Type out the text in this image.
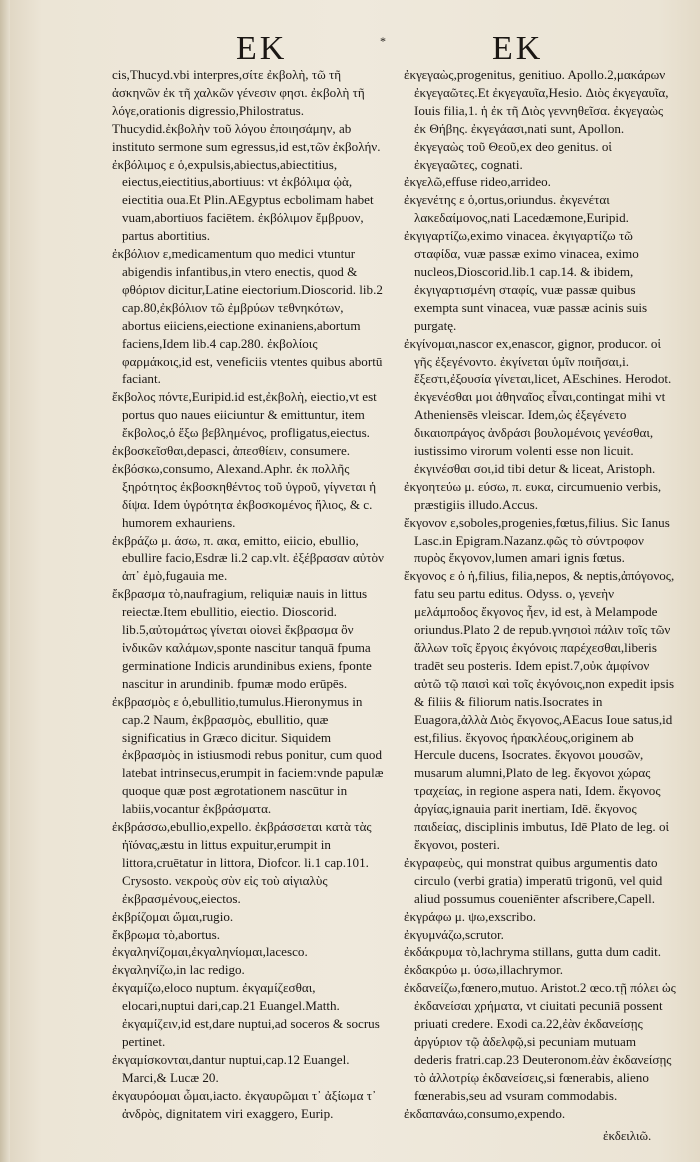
EK	*	EK

cis,Thucyd.vbi interpres,σίτε ἐκβολὴ, τῶ τῆ ἀσκηνῶν ἐκ τῆ χαλκῶν γένεσιν φησι. ἐκβολὴ τῆ λόγε,orationis digressio,Philostratus. Thucydid.ἐκβολὴν τοῦ λόγου ἐποιησάμην, ab instituto sermone sum egressus,id est,τῶν ἐκβολήν.

ἐκβόλιμος ε ὁ,expulsis,abiectus,abiectitius, eiectus,eiectitius,abortiuus: vt ἐκβόλιμα ᾠὰ, eiectitia oua.Et Plin.AEgyptus ecbolimam habet vuam,abortiuos faciētem. ἐκβόλιμον ἔμβρυον, partus abortitius.

ἐκβόλιον ε,medicamentum quo medici vtuntur abigendis infantibus,in vtero enectis, quod & φθόριον dicitur,Latine eiectorium.Dioscorid. lib.2 cap.80,ἐκβόλιον τῶ ἐμβρύων τεθνηκότων, abortus eiiciens,eiectione exinaniens,abortum faciens,Idem lib.4 cap.280. ἐκβολίοις φαρμάκοις,id est, veneficiis vtentes quibus abortū faciant.

ἔκβολος πόντε,Euripid.id est,ἐκβολὴ, eiectio,vt est portus quo naues eiiciuntur & emittuntur, item ἔκβολος,ὁ ἔξω βεβλημένος, profligatus,eiectus.

ἐκβοσκεῖσθαι,depasci, ἀπεσθίειν, consumere.

ἐκβόσκω,consumo, Alexand.Aphr. ἐκ πολλῆς ξηρότητος ἐκβοσκηθέντος τοῦ ὑγροῦ, γίγνεται ἡ δίψα. Idem ὑγρότητα ἐκβοσκομένος ἥλιος, & c. humorem exhauriens.

ἐκβράζω μ. άσω, π. ακα, emitto, eiicio, ebullio, ebullire facio,Esdræ li.2 cap.vlt. ἐξέβρασαν αὐτὸν ἀπ᾽ ἐμὸ,fugauia me.

ἔκβρασμα τὸ,naufragium, reliquiæ nauis in littus reiectæ.Item ebullitio, eiectio. Dioscorid. lib.5,αὐτομάτως γίνεται οἱονεὶ ἔκβρασμα ὂν ἰνδικῶν καλάμων,sponte nascitur tanquā fpuma germinatione Indicis arundinibus exiens, fponte nascitur in arundinib. fpumæ modo erūpēs.

ἐκβρασμὸς ε ὁ,ebullitio,tumulus.Hieronymus in cap.2 Naum, ἐκβρασμὸς, ebullitio, quæ significatius in Græco dicitur. Siquidem ἐκβρασμὸς in istiusmodi rebus ponitur, cum quod latebat intrinsecus,erumpit in faciem:vnde papulæ quoque quæ post ægrotationem nascūtur in labiis,vocantur ἐκβράσματα.

ἐκβράσσω,ebullio,expello. ἐκβράσσεται κατὰ τὰς ἠϊόνας,æstu in littus expuitur,erumpit in littora,cruētatur in littora, Diofcor. li.1 cap.101. Crysosto. νεκροὺς σὺν εἰς τοὺ αἰγιαλὺς ἐκβρασμένους,eiectos.

ἐκβρίζομαι ὤμαι,rugio.

ἔκβρωμα τὸ,abortus.

ἐκγαληνίζομαι,ἐκγαληνίομαι,lacesco.

ἐκγαληνίζω,in lac redigo.

ἐκγαμίζω,eloco nuptum. ἐκγαμίζεσθαι, elocari,nuptui dari,cap.21 Euangel.Matth. ἐκγαμίζειν,id est,dare nuptui,ad soceros & socrus pertinet.

ἐκγαμίσκονται,dantur nuptui,cap.12 Euangel. Marci,& Lucæ 20.

ἐκγαυρόομαι ὦμαι,iacto. ἐκγαυρῶμαι τ᾽ ἀξίωμα τ᾽ ἀνδρὸς, dignitatem viri exaggero, Eurip.

ἐκγεγαὼς,progenitus, genitiuo. Apollo.2,μακάρων ἐκγεγαῶτες.Et ἐκγεγαυῖα,Hesio. Διὸς ἐκγεγαυῖα, Iouis filia,1. ἡ ἐκ τῆ Διὸς γεννηθεῖσα. ἐκγεγαὼς ἐκ Θήβης. ἐκγεγάασι,nati sunt, Apollon. ἐκγεγαὼς τοῦ Θεοῦ,ex deo genitus. οἱ ἐκγεγαῶτες, cognati.

ἐκγελῶ,effuse rideo,arrideo.

ἐκγενέτης ε ὁ,ortus,oriundus. ἐκγενέται λακεδαίμονος,nati Lacedæmone,Euripid.

ἐκγιγαρτίζω,eximo vinacea. ἐκγιγαρτίζω τῶ σταφίδα, vuæ passæ eximo vinacea, eximo nucleos,Dioscorid.lib.1 cap.14. & ibidem, ἐκγιγαρτισμένη σταφίς, vuæ passæ quibus exempta sunt vinacea, vuæ passæ acinis suis purgatę.

ἐκγίνομαι,nascor ex,enascor, gignor, producor. οἱ γῆς ἐξεγένοντο. ἐκγίνεται ὑμῖν ποιῆσαι,i. ἔξεστι,ἐξουσία γίνεται,licet, AEschines. Herodot. ἐκγενέσθαι μοι ἀθηναῖος εἶναι,contingat mihi vt Atheniensēs vleiscar. Idem,ὡς ἐξεγένετο δικαιοπράγος ἀνδράσι βουλομένοις γενέσθαι, iustissimo virorum volenti esse non licuit. ἐκγινέσθαι σοι,id tibi detur & liceat, Aristoph.

ἐκγοητεύω μ. εύσω, π. ευκα, circumuenio verbis, præstigiis illudo.Accus.

ἔκγονον ε,soboles,progenies,fœtus,filius. Sic Ianus Lasc.in Epigram.Nazanz.φῶς τὸ σύντροφον πυρὸς ἔκγονον,lumen amari ignis fœtus.

ἔκγονος ε ὁ ἡ,filius, filia,nepos, & neptis,ἀπόγονος, fatu seu partu editus. Odyss. ο, γενεὴν μελάμποδος ἔκγονος ἦεν, id est, à Melampode oriundus.Plato 2 de repub.γνησιοὶ πάλιν τοῖς τῶν ἄλλων τοῖς ἔργοις ἐκγόνοις παρέχεσθαι,liberis tradēt seu posteris. Idem epist.7,οὐκ ἀμφίνον αὐτῶ τῷ παισὶ καὶ τοῖς ἐκγόνοις,non expedit ipsis & filiis & filiorum natis.Isocrates in Euagora,ἀλλὰ Διὸς ἔκγονος,AEacus Ioue satus,id est,filius. ἔκγονος ἡρακλέους,originem ab Hercule ducens, Isocrates. ἔκγονοι μουσῶν, musarum alumni,Plato de leg. ἔκγονοι χώρας τραχείας, in regione aspera nati, Idem. ἔκγονος ἀργίας,ignauia parit inertiam, Idē. ἔκγονος παιδείας, disciplinis imbutus, Idē Plato de leg. οἱ ἔκγονοι, posteri.

ἐκγραφεὺς, qui monstrat quibus argumentis dato circulo (verbi gratia) imperatū trigonū, vel quid aliud possumus coueniēnter afscribere,Capell.

ἐκγράφω μ. ψω,exscribo.

ἐκγυμνάζω,scrutor.

ἐκδάκρυμα τὸ,lachryma stillans, gutta dum cadit.

ἐκδακρύω μ. ύσω,illachrymor.

ἐκδανείζω,fœnero,mutuo. Aristot.2 œco.τῇ πόλει ὡς ἐκδανείσαι χρήματα, vt ciuitati pecuniā possent priuati credere. Exodi ca.22,ἐὰν ἐκδανείσῃς ἀργύριον τῷ ἀδελφῷ,si pecuniam mutuam dederis fratri.cap.23 Deuteronom.ἐὰν ἐκδανείσῃς τὸ ἀλλοτρίῳ ἐκδανείσεις,si fœnerabis, alieno fœnerabis,seu ad vsuram commodabis.

ἐκδαπανάω,consumo,expendo.

ἐκδειλιῶ.
